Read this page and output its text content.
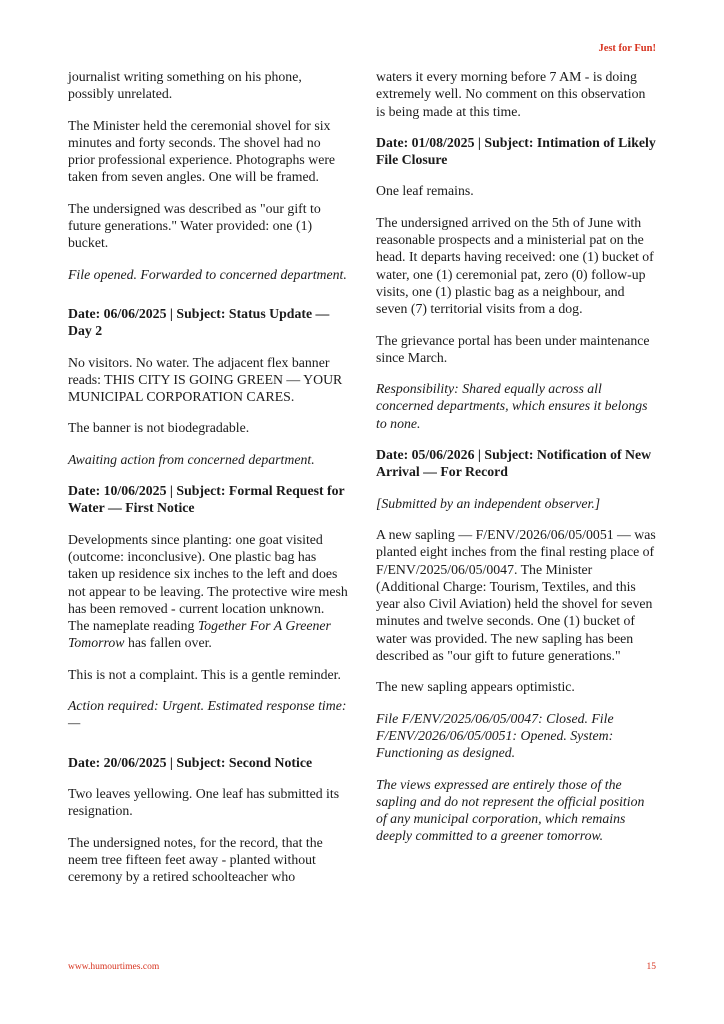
Jest for Fun!

journalist writing something on his phone, possibly unrelated.

The Minister held the ceremonial shovel for six minutes and forty seconds. The shovel had no prior professional experience. Photographs were taken from seven angles. One will be framed.

The undersigned was described as "our gift to future generations." Water provided: one (1) bucket.

File opened. Forwarded to concerned department.

Date: 06/06/2025 | Subject: Status Update — Day 2

No visitors. No water. The adjacent flex banner reads: THIS CITY IS GOING GREEN — YOUR MUNICIPAL CORPORATION CARES.

The banner is not biodegradable.

Awaiting action from concerned department.

Date: 10/06/2025 | Subject: Formal Request for Water — First Notice

Developments since planting: one goat visited (outcome: inconclusive). One plastic bag has taken up residence six inches to the left and does not appear to be leaving. The protective wire mesh has been removed - current location unknown. The nameplate reading Together For A Greener Tomorrow has fallen over.

This is not a complaint. This is a gentle reminder.

Action required: Urgent. Estimated response time: —

Date: 20/06/2025 | Subject: Second Notice

Two leaves yellowing. One leaf has submitted its resignation.

The undersigned notes, for the record, that the neem tree fifteen feet away - planted without ceremony by a retired schoolteacher who

waters it every morning before 7 AM - is doing extremely well. No comment on this observation is being made at this time.

Date: 01/08/2025 | Subject: Intimation of Likely File Closure

One leaf remains.

The undersigned arrived on the 5th of June with reasonable prospects and a ministerial pat on the head. It departs having received: one (1) bucket of water, one (1) ceremonial pat, zero (0) follow-up visits, one (1) plastic bag as a neighbour, and seven (7) territorial visits from a dog.

The grievance portal has been under maintenance since March.

Responsibility: Shared equally across all concerned departments, which ensures it belongs to none.

Date: 05/06/2026 | Subject: Notification of New Arrival — For Record

[Submitted by an independent observer.]

A new sapling — F/ENV/2026/06/05/0051 — was planted eight inches from the final resting place of F/ENV/2025/06/05/0047. The Minister (Additional Charge: Tourism, Textiles, and this year also Civil Aviation) held the shovel for seven minutes and twelve seconds. One (1) bucket of water was provided. The new sapling has been described as "our gift to future generations."

The new sapling appears optimistic.

File F/ENV/2025/06/05/0047: Closed. File F/ENV/2026/06/05/0051: Opened. System: Functioning as designed.

The views expressed are entirely those of the sapling and do not represent the official position of any municipal corporation, which remains deeply committed to a greener tomorrow.

www.humourtimes.com	15
